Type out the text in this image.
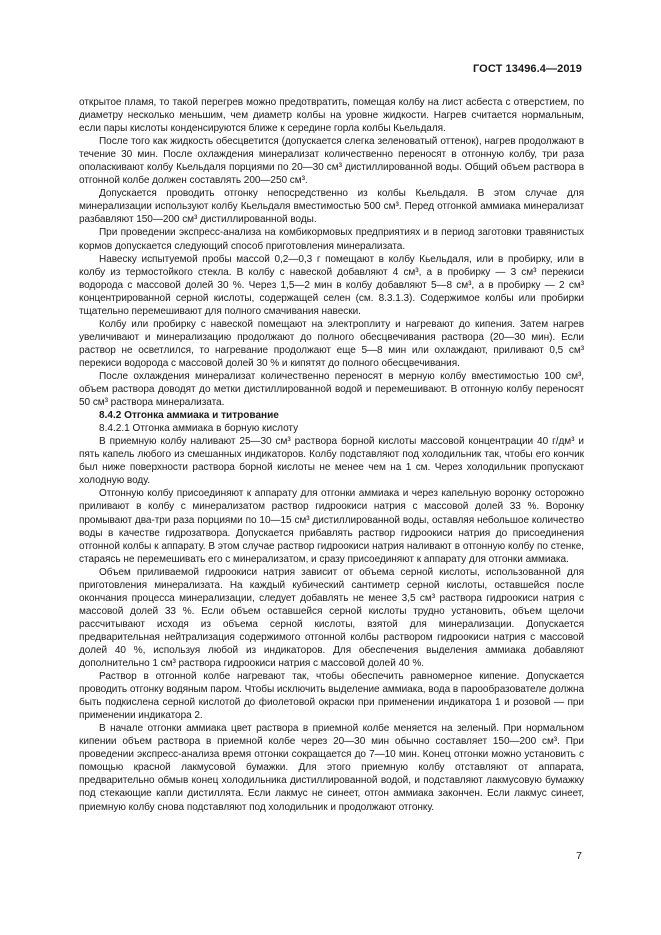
ГОСТ 13496.4—2019

открытое пламя, то такой перегрев можно предотвратить, помещая колбу на лист асбеста с отверстием, по диаметру несколько меньшим, чем диаметр колбы на уровне жидкости. Нагрев считается нормальным, если пары кислоты конденсируются ближе к середине горла колбы Кьельдаля.

После того как жидкость обесцветится (допускается слегка зеленоватый оттенок), нагрев продолжают в течение 30 мин. После охлаждения минерализат количественно переносят в отгонную колбу, три раза ополаскивают колбу Кьельдаля порциями по 20—30 см³ дистиллированной воды. Общий объем раствора в отгонной колбе должен составлять 200—250 см³.

Допускается проводить отгонку непосредственно из колбы Кьельдаля. В этом случае для минерализации используют колбу Кьельдаля вместимостью 500 см³. Перед отгонкой аммиака минерализат разбавляют 150—200 см³ дистиллированной воды.

При проведении экспресс-анализа на комбикормовых предприятиях и в период заготовки травянистых кормов допускается следующий способ приготовления минерализата.

Навеску испытуемой пробы массой 0,2—0,3 г помещают в колбу Кьельдаля, или в пробирку, или в колбу из термостойкого стекла. В колбу с навеской добавляют 4 см³, а в пробирку — 3 см³ перекиси водорода с массовой долей 30 %. Через 1,5—2 мин в колбу добавляют 5—8 см³, а в пробирку — 2 см³ концентрированной серной кислоты, содержащей селен (см. 8.3.1.3). Содержимое колбы или пробирки тщательно перемешивают для полного смачивания навески.

Колбу или пробирку с навеской помещают на электроплиту и нагревают до кипения. Затем нагрев увеличивают и минерализацию продолжают до полного обесцвечивания раствора (20—30 мин). Если раствор не осветлился, то нагревание продолжают еще 5—8 мин или охлаждают, приливают 0,5 см³ перекиси водорода с массовой долей 30 % и кипятят до полного обесцвечивания.

После охлаждения минерализат количественно переносят в мерную колбу вместимостью 100 см³, объем раствора доводят до метки дистиллированной водой и перемешивают. В отгонную колбу переносят 50 см³ раствора минерализата.

8.4.2 Отгонка аммиака и титрование

8.4.2.1 Отгонка аммиака в борную кислоту

В приемную колбу наливают 25—30 см³ раствора борной кислоты массовой концентрации 40 г/дм³ и пять капель любого из смешанных индикаторов. Колбу подставляют под холодильник так, чтобы его кончик был ниже поверхности раствора борной кислоты не менее чем на 1 см. Через холодильник пропускают холодную воду.

Отгонную колбу присоединяют к аппарату для отгонки аммиака и через капельную воронку осторожно приливают в колбу с минерализатом раствор гидроокиси натрия с массовой долей 33 %. Воронку промывают два-три раза порциями по 10—15 см³ дистиллированной воды, оставляя небольшое количество воды в качестве гидрозатвора. Допускается прибавлять раствор гидроокиси натрия до присоединения отгонной колбы к аппарату. В этом случае раствор гидроокиси натрия наливают в отгонную колбу по стенке, стараясь не перемешивать его с минерализатом, и сразу присоединяют к аппарату для отгонки аммиака.

Объем приливаемой гидроокиси натрия зависит от объема серной кислоты, использованной для приготовления минерализата. На каждый кубический сантиметр серной кислоты, оставшейся после окончания процесса минерализации, следует добавлять не менее 3,5 см³ раствора гидроокиси натрия с массовой долей 33 %. Если объем оставшейся серной кислоты трудно установить, объем щелочи рассчитывают исходя из объема серной кислоты, взятой для минерализации. Допускается предварительная нейтрализация содержимого отгонной колбы раствором гидроокиси натрия с массовой долей 40 %, используя любой из индикаторов. Для обеспечения выделения аммиака добавляют дополнительно 1 см³ раствора гидроокиси натрия с массовой долей 40 %.

Раствор в отгонной колбе нагревают так, чтобы обеспечить равномерное кипение. Допускается проводить отгонку водяным паром. Чтобы исключить выделение аммиака, вода в парообразователе должна быть подкислена серной кислотой до фиолетовой окраски при применении индикатора 1 и розовой — при применении индикатора 2.

В начале отгонки аммиака цвет раствора в приемной колбе меняется на зеленый. При нормальном кипении объем раствора в приемной колбе через 20—30 мин обычно составляет 150—200 см³. При проведении экспресс-анализа время отгонки сокращается до 7—10 мин. Конец отгонки можно установить с помощью красной лакмусовой бумажки. Для этого приемную колбу отставляют от аппарата, предварительно обмыв конец холодильника дистиллированной водой, и подставляют лакмусовую бумажку под стекающие капли дистиллята. Если лакмус не синеет, отгон аммиака закончен. Если лакмус синеет, приемную колбу снова подставляют под холодильник и продолжают отгонку.

7
